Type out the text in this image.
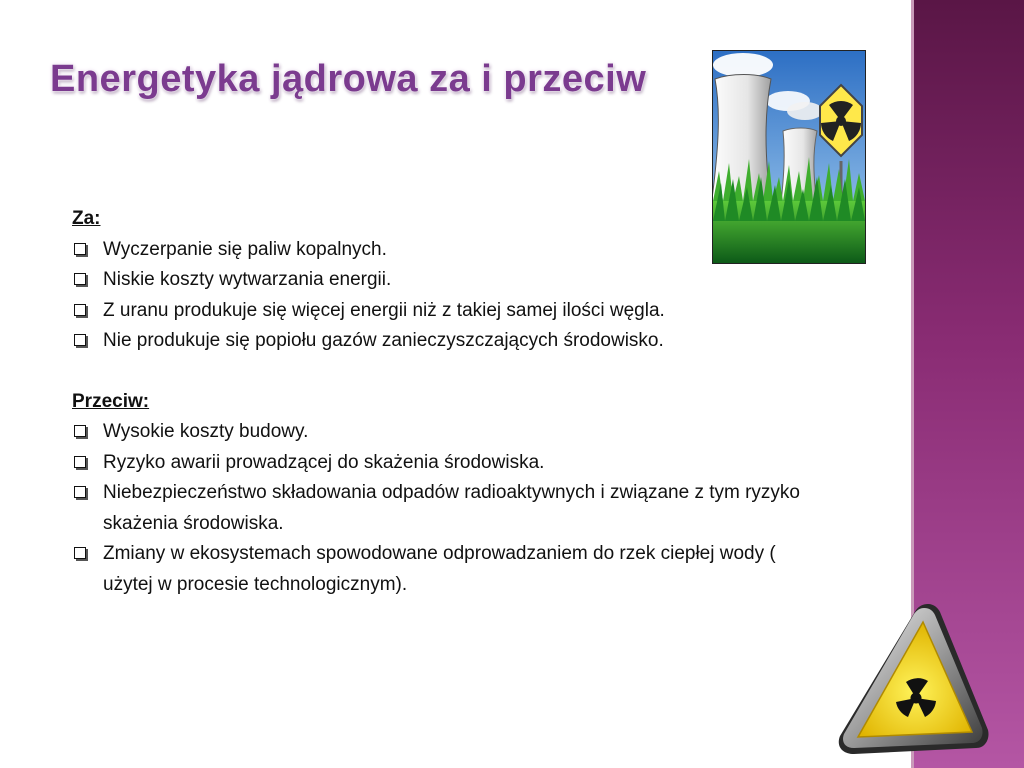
Energetyka jądrowa za i przeciw

Za:

Wyczerpanie się paliw kopalnych.
Niskie koszty wytwarzania energii.
Z uranu produkuje się więcej energii niż z takiej samej ilości węgla.
Nie produkuje się popiołu gazów zanieczyszczających środowisko.

Przeciw:

Wysokie koszty budowy.
Ryzyko awarii prowadzącej do skażenia środowiska.
Niebezpieczeństwo składowania odpadów radioaktywnych i związane z tym ryzyko skażenia środowiska.
Zmiany w ekosystemach spowodowane odprowadzaniem do rzek ciepłej wody ( użytej w procesie technologicznym).
